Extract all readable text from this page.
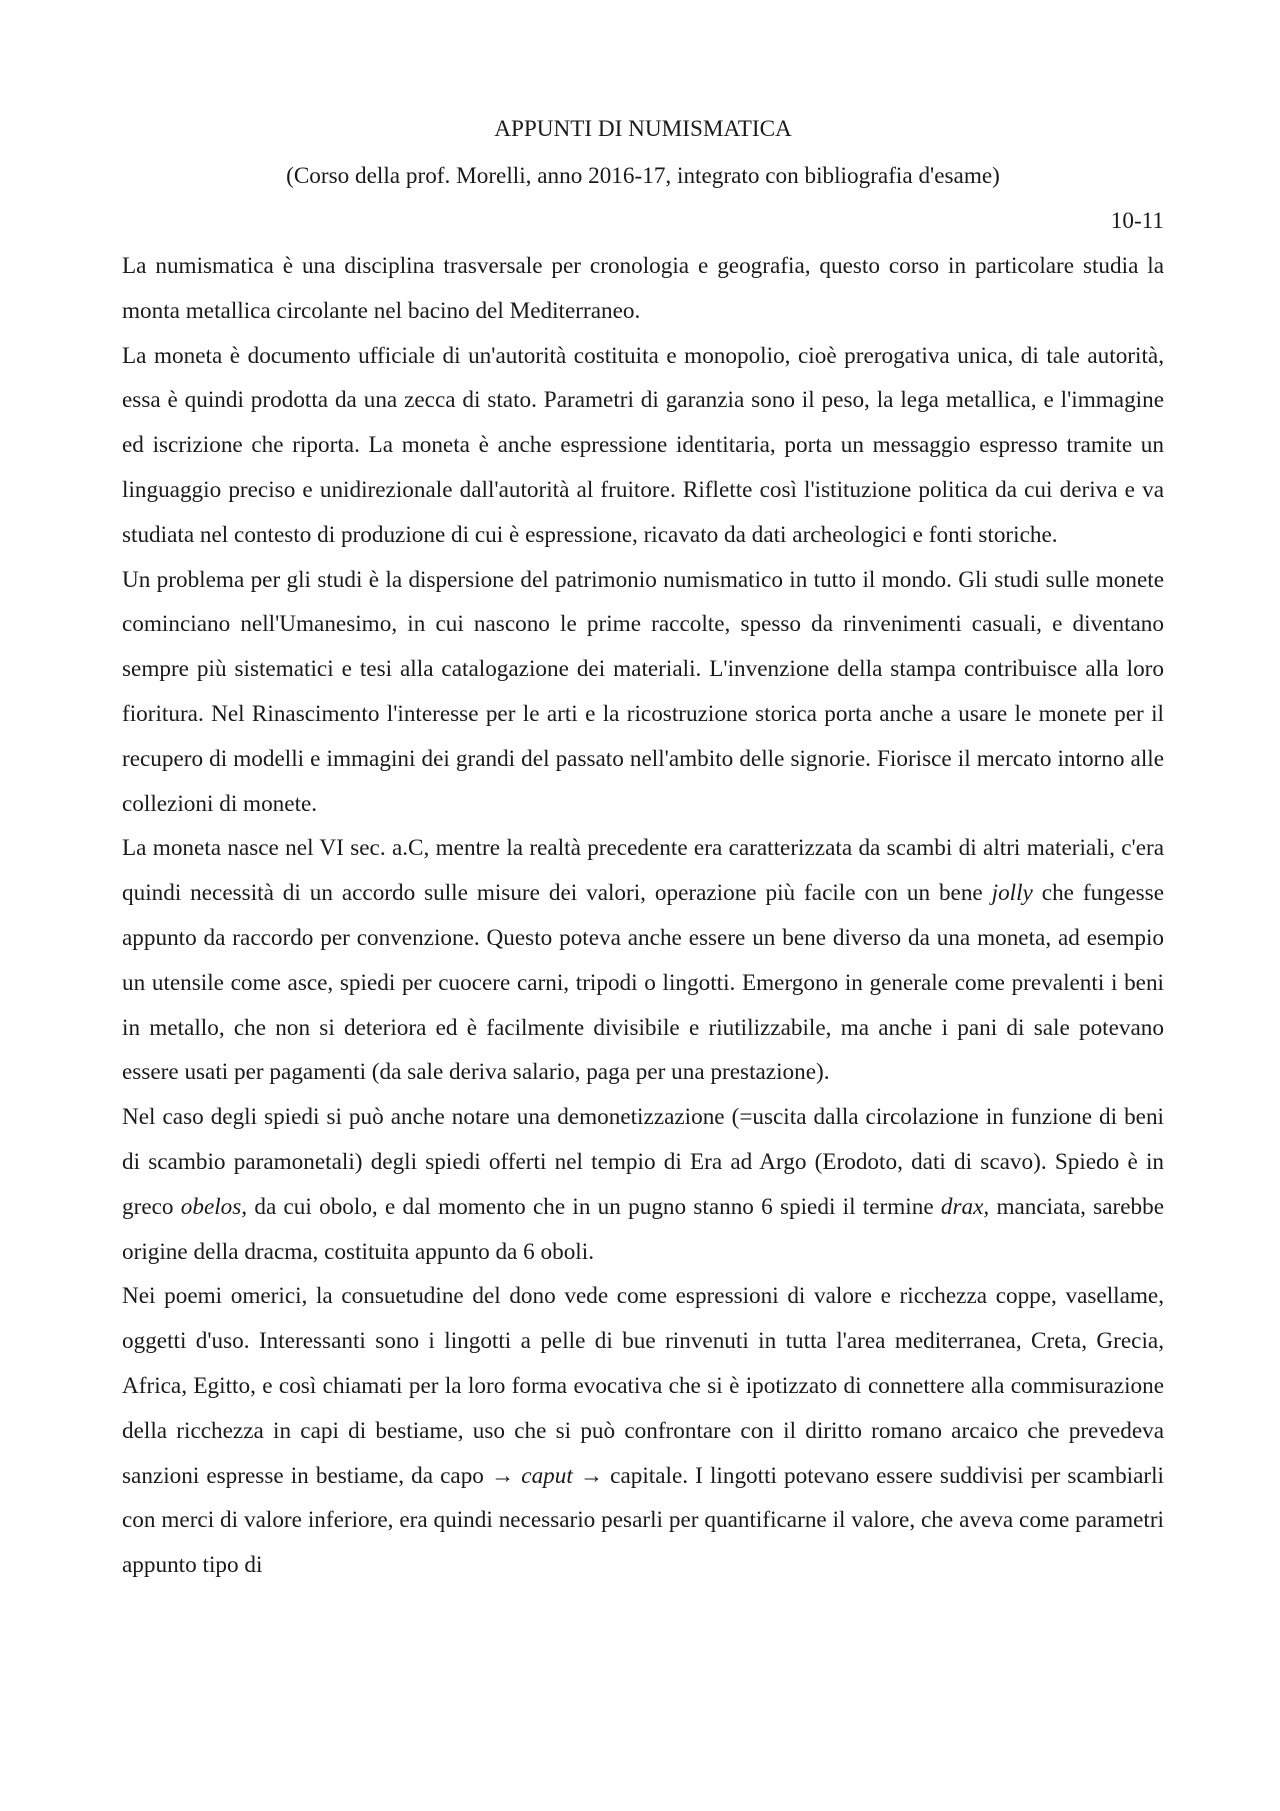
APPUNTI DI NUMISMATICA
(Corso della prof. Morelli, anno 2016-17, integrato con bibliografia d'esame)
10-11

La numismatica è una disciplina trasversale per cronologia e geografia, questo corso in particolare studia la monta metallica circolante nel bacino del Mediterraneo.

La moneta è documento ufficiale di un'autorità costituita e monopolio, cioè prerogativa unica, di tale autorità, essa è quindi prodotta da una zecca di stato. Parametri di garanzia sono il peso, la lega metallica, e l'immagine ed iscrizione che riporta. La moneta è anche espressione identitaria, porta un messaggio espresso tramite un linguaggio preciso e unidirezionale dall'autorità al fruitore. Riflette così l'istituzione politica da cui deriva e va studiata nel contesto di produzione di cui è espressione, ricavato da dati archeologici e fonti storiche.

Un problema per gli studi è la dispersione del patrimonio numismatico in tutto il mondo. Gli studi sulle monete cominciano nell'Umanesimo, in cui nascono le prime raccolte, spesso da rinvenimenti casuali, e diventano sempre più sistematici e tesi alla catalogazione dei materiali. L'invenzione della stampa contribuisce alla loro fioritura. Nel Rinascimento l'interesse per le arti e la ricostruzione storica porta anche a usare le monete per il recupero di modelli e immagini dei grandi del passato nell'ambito delle signorie. Fiorisce il mercato intorno alle collezioni di monete.

La moneta nasce nel VI sec. a.C, mentre la realtà precedente era caratterizzata da scambi di altri materiali, c'era quindi necessità di un accordo sulle misure dei valori, operazione più facile con un bene jolly che fungesse appunto da raccordo per convenzione. Questo poteva anche essere un bene diverso da una moneta, ad esempio un utensile come asce, spiedi per cuocere carni, tripodi o lingotti. Emergono in generale come prevalenti i beni in metallo, che non si deteriora ed è facilmente divisibile e riutilizzabile, ma anche i pani di sale potevano essere usati per pagamenti (da sale deriva salario, paga per una prestazione).

Nel caso degli spiedi si può anche notare una demonetizzazione (=uscita dalla circolazione in funzione di beni di scambio paramonetali) degli spiedi offerti nel tempio di Era ad Argo (Erodoto, dati di scavo). Spiedo è in greco obelos, da cui obolo, e dal momento che in un pugno stanno 6 spiedi il termine drax, manciata, sarebbe origine della dracma, costituita appunto da 6 oboli.

Nei poemi omerici, la consuetudine del dono vede come espressioni di valore e ricchezza coppe, vasellame, oggetti d'uso. Interessanti sono i lingotti a pelle di bue rinvenuti in tutta l'area mediterranea, Creta, Grecia, Africa, Egitto, e così chiamati per la loro forma evocativa che si è ipotizzato di connettere alla commisurazione della ricchezza in capi di bestiame, uso che si può confrontare con il diritto romano arcaico che prevedeva sanzioni espresse in bestiame, da capo → caput → capitale. I lingotti potevano essere suddivisi per scambiarli con merci di valore inferiore, era quindi necessario pesarli per quantificarne il valore, che aveva come parametri appunto tipo di
